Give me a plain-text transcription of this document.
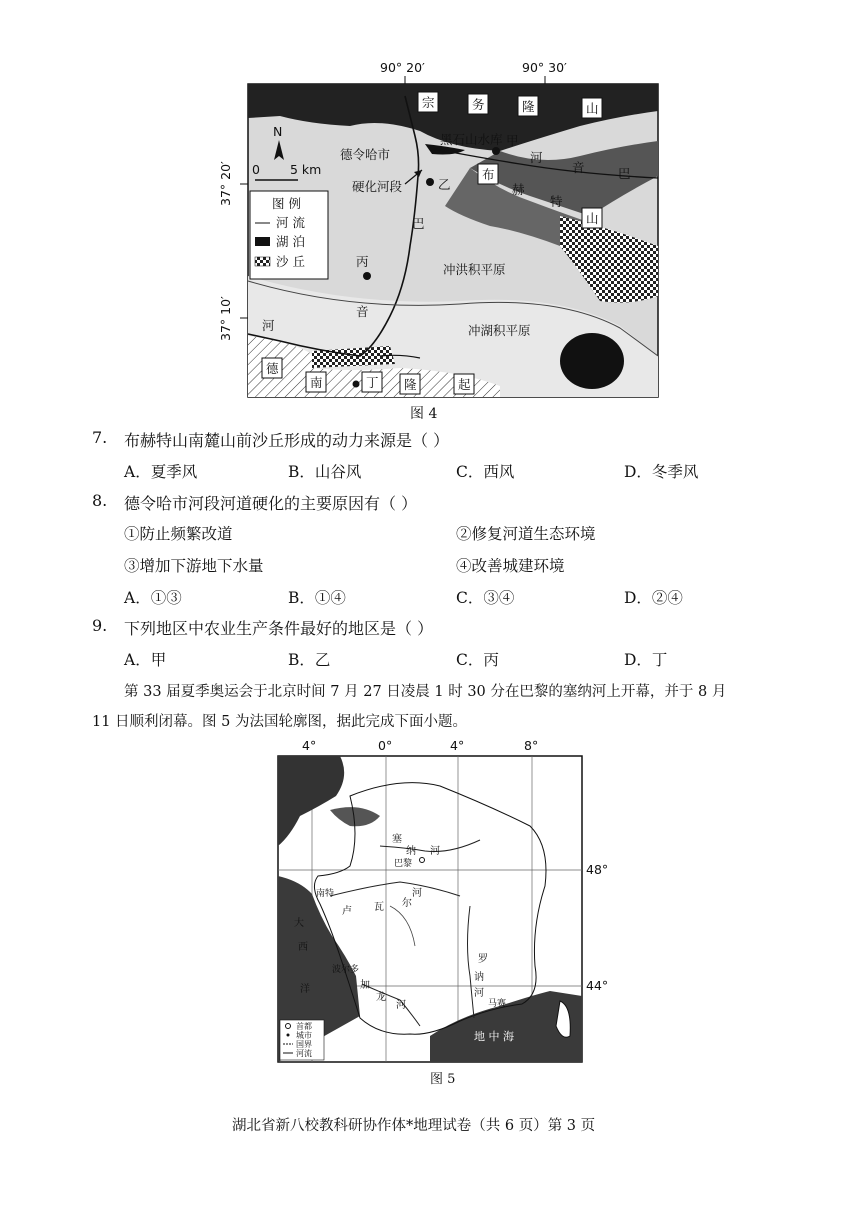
90° 20′	90° 30′
37° 20′
37° 10′
N
0 5 km
图 例
河 流
湖 泊
沙 丘
宗	务	隆	山
黑石山水库 甲
德令哈市
硬化河段	乙
河
音	巴
布
赫
特
山
巴
丙
音
河
冲洪积平原
冲湖积平原
德
南	丁 隆	起
图 4
7. 布赫特山南麓山前沙丘形成的动力来源是（ ）
A．夏季风	B．山谷风	C．西风	D．冬季风
8. 德令哈市河段河道硬化的主要原因有（ ）
①防止频繁改道	②修复河道生态环境
③增加下游地下水量	④改善城建环境
A．①③	B．①④	C．③④	D．②④
9. 下列地区中农业生产条件最好的地区是（ ）
A．甲	B．乙	C．丙	D．丁
第 33 届夏季奥运会于北京时间 7 月 27 日凌晨 1 时 30 分在巴黎的塞纳河上开幕，并于 8 月
11 日顺利闭幕。图 5 为法国轮廓图，据此完成下面小题。
4°	0°	4°	8°
48°
44°
塞
纳 河
巴黎
南特
卢 瓦 尔
河
大
西
洋
波尔多
加
龙
河
罗
讷
河
马赛
地 中 海
首都
城市
国界
河流
图 5
湖北省新八校教科研协作体*地理试卷（共 6 页）第 3 页
